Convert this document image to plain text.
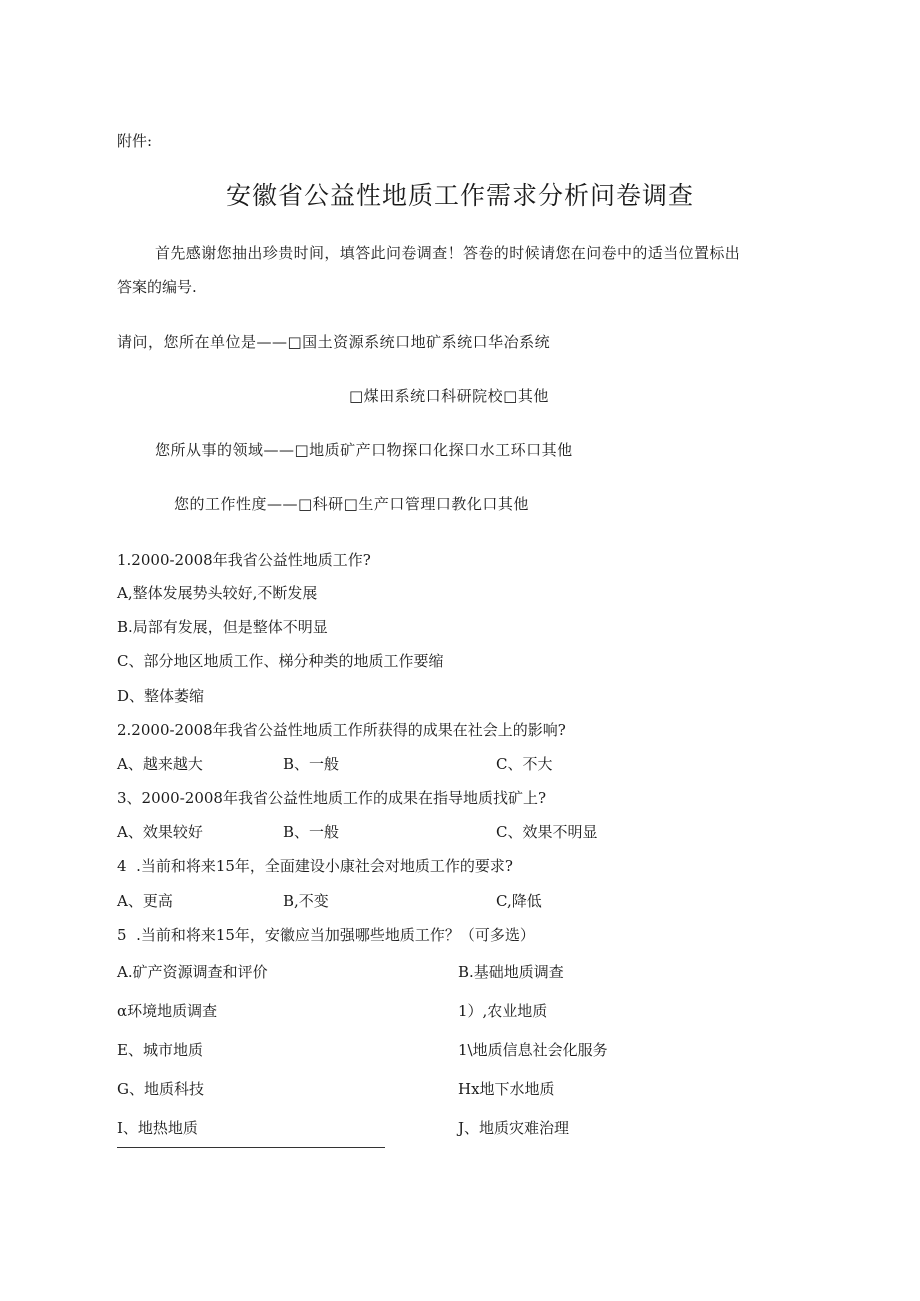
附件:
安徽省公益性地质工作需求分析问卷调查
首先感谢您抽出珍贵时间，填答此问卷调查！答卷的时候请您在问卷中的适当位置标出
答案的编号.
请问，您所在单位是——□国土资源系统口地矿系统口华冶系统
□煤田系统口科研院校□其他
您所从事的领域——□地质矿产口物探口化探口水工环口其他
您的工作性度——□科研□生产口管理口教化口其他
1.2000-2008年我省公益性地质工作?
A,整体发展势头较好,不断发展
B.局部有发展，但是整体不明显
C、部分地区地质工作、梯分种类的地质工作要缩
D、整体萎缩
2.2000-2008年我省公益性地质工作所获得的成果在社会上的影响?
A、越来越大	B、一般	C、不大
3、2000-2008年我省公益性地质工作的成果在指导地质找矿上?
A、效果较好	B、一般	C、效果不明显
4  .当前和将来15年，全面建设小康社会对地质工作的要求?
A、更高	B,不变	C,降低
5  .当前和将来15年，安徽应当加强哪些地质工作？（可多选）
A.矿产资源调查和评价	B.基础地质调查
α环境地质调查	1）,农业地质
E、城市地质	1\地质信息社会化服务
G、地质科技	Hx地下水地质
I、地热地质	J、地质灾难治理
